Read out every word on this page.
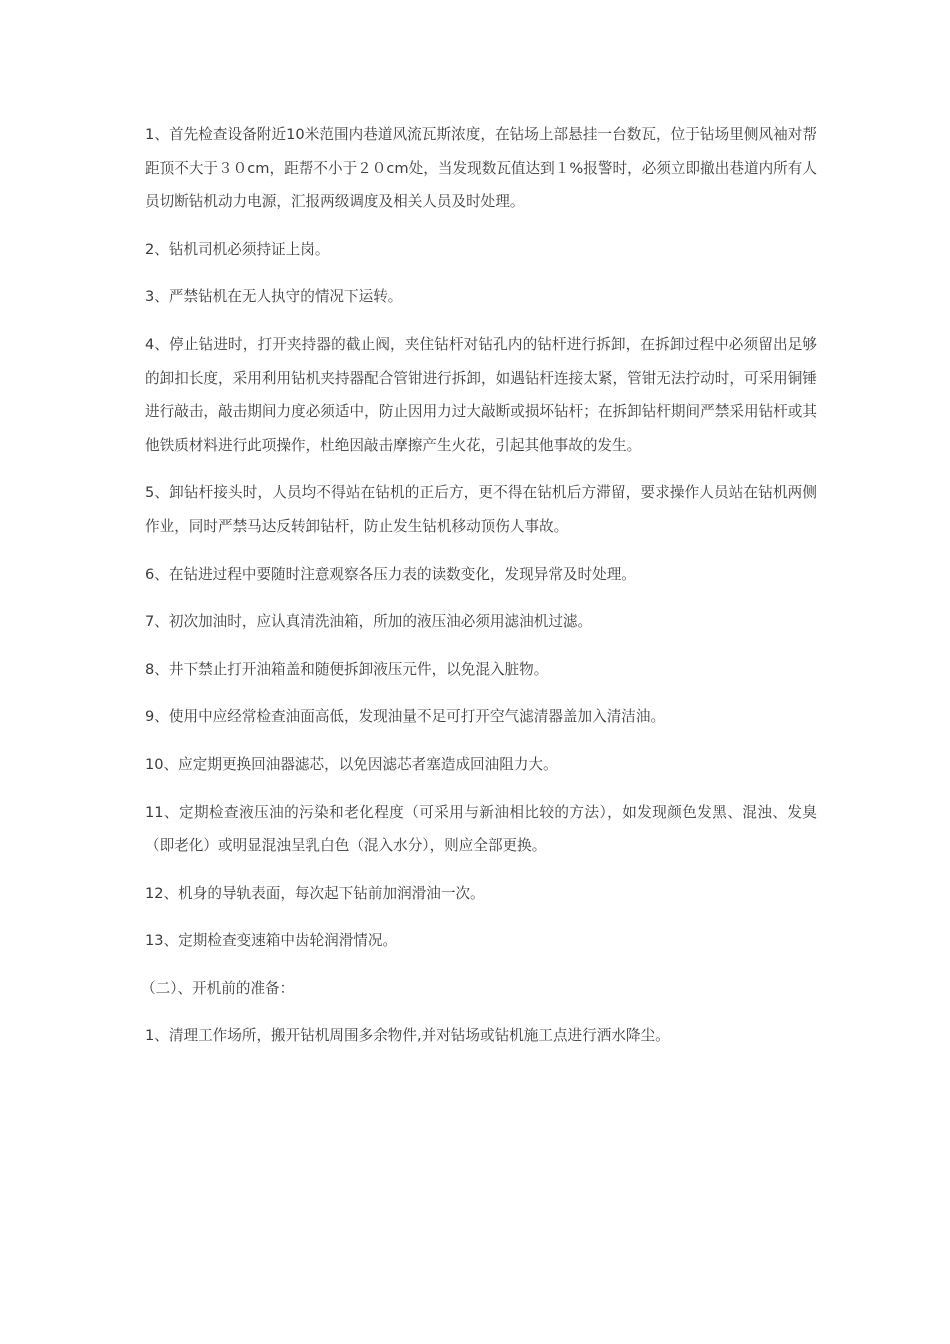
1、首先检查设备附近10米范围内巷道风流瓦斯浓度，在钻场上部悬挂一台数瓦，位于钻场里侧风袖对帮距顶不大于３０cm，距帮不小于２０cm处，当发现数瓦值达到１%报警时，必须立即撤出巷道内所有人员切断钻机动力电源，汇报两级调度及相关人员及时处理。

2、钻机司机必须持证上岗。

3、严禁钻机在无人执守的情况下运转。

4、停止钻进时，打开夹持器的截止阀，夹住钻杆对钻孔内的钻杆进行拆卸，在拆卸过程中必须留出足够的卸扣长度，采用利用钻机夹持器配合管钳进行拆卸，如遇钻杆连接太紧，管钳无法拧动时，可采用铜锤进行敲击，敲击期间力度必须适中，防止因用力过大敲断或损坏钻杆；在拆卸钻杆期间严禁采用钻杆或其他铁质材料进行此项操作，杜绝因敲击摩擦产生火花，引起其他事故的发生。

5、卸钻杆接头时，人员均不得站在钻机的正后方，更不得在钻机后方滞留，要求操作人员站在钻机两侧作业，同时严禁马达反转卸钻杆，防止发生钻机移动顶伤人事故。

6、在钻进过程中要随时注意观察各压力表的读数变化，发现异常及时处理。

7、初次加油时，应认真清洗油箱，所加的液压油必须用滤油机过滤。

8、井下禁止打开油箱盖和随便拆卸液压元件，以免混入脏物。

9、使用中应经常检查油面高低，发现油量不足可打开空气滤清器盖加入清洁油。

10、应定期更换回油器滤芯，以免因滤芯者塞造成回油阻力大。

11、定期检查液压油的污染和老化程度（可采用与新油相比较的方法），如发现颜色发黑、混浊、发臭（即老化）或明显混浊呈乳白色（混入水分），则应全部更换。

12、机身的导轨表面，每次起下钻前加润滑油一次。

13、定期检查变速箱中齿轮润滑情况。

（二）、开机前的准备：

1、清理工作场所，搬开钻机周围多余物件,并对钻场或钻机施工点进行洒水降尘。
